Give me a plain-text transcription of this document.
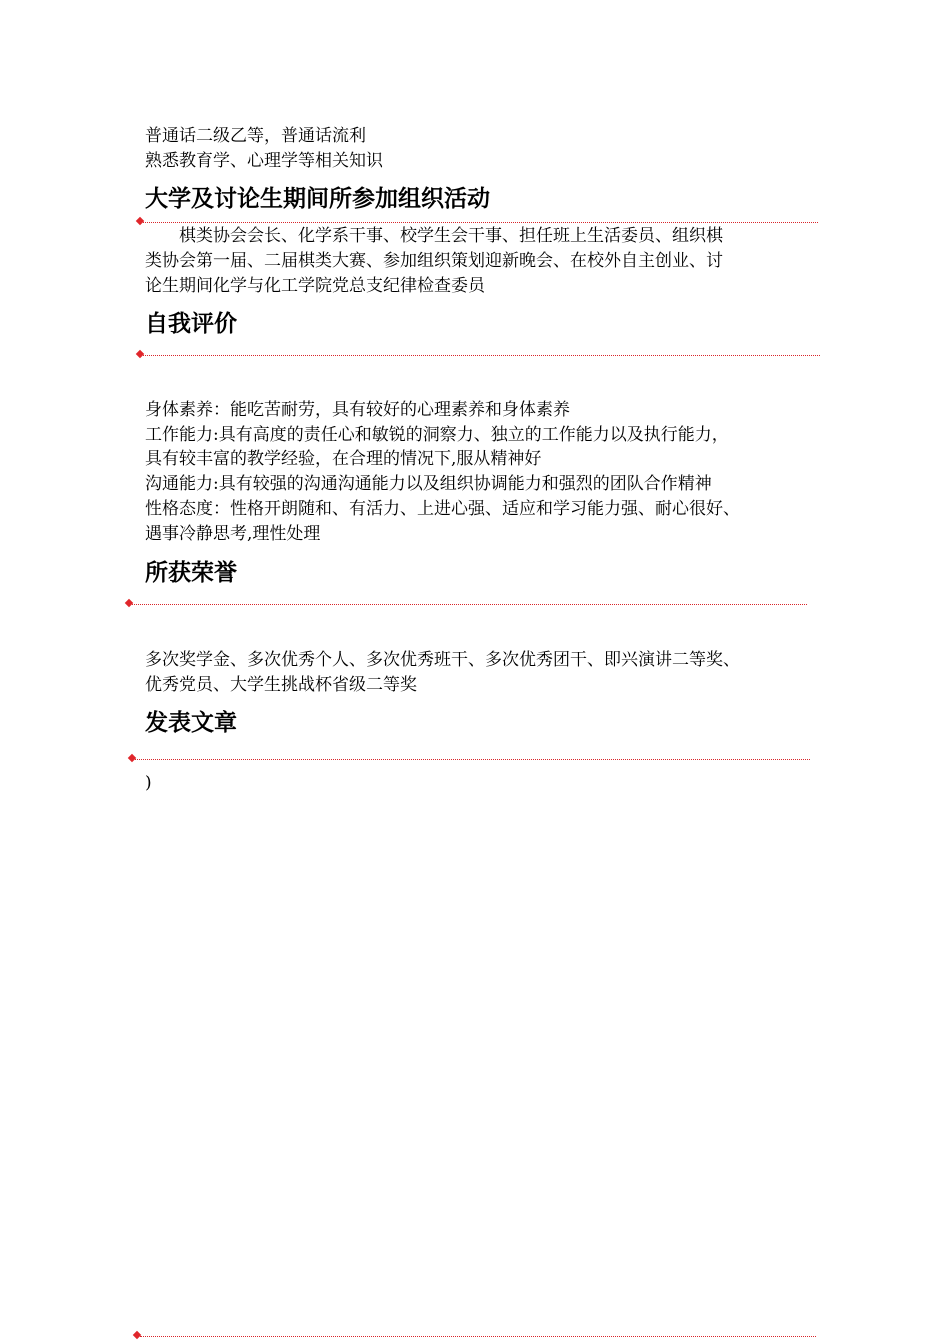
普通话二级乙等，普通话流利

熟悉教育学、心理学等相关知识

大学及讨论生期间所参加组织活动

　　棋类协会会长、化学系干事、校学生会干事、担任班上生活委员、组织棋

类协会第一届、二届棋类大赛、参加组织策划迎新晚会、在校外自主创业、讨

论生期间化学与化工学院党总支纪律检查委员

自我评价

身体素养：能吃苦耐劳，具有较好的心理素养和身体素养

工作能力:具有高度的责任心和敏锐的洞察力、独立的工作能力以及执行能力，

具有较丰富的教学经验，在合理的情况下,服从精神好

沟通能力:具有较强的沟通沟通能力以及组织协调能力和强烈的团队合作精神

性格态度：性格开朗随和、有活力、上进心强、适应和学习能力强、耐心很好、

遇事冷静思考,理性处理

所获荣誉

多次奖学金、多次优秀个人、多次优秀班干、多次优秀团干、即兴演讲二等奖、

优秀党员、大学生挑战杯省级二等奖

发表文章

)
